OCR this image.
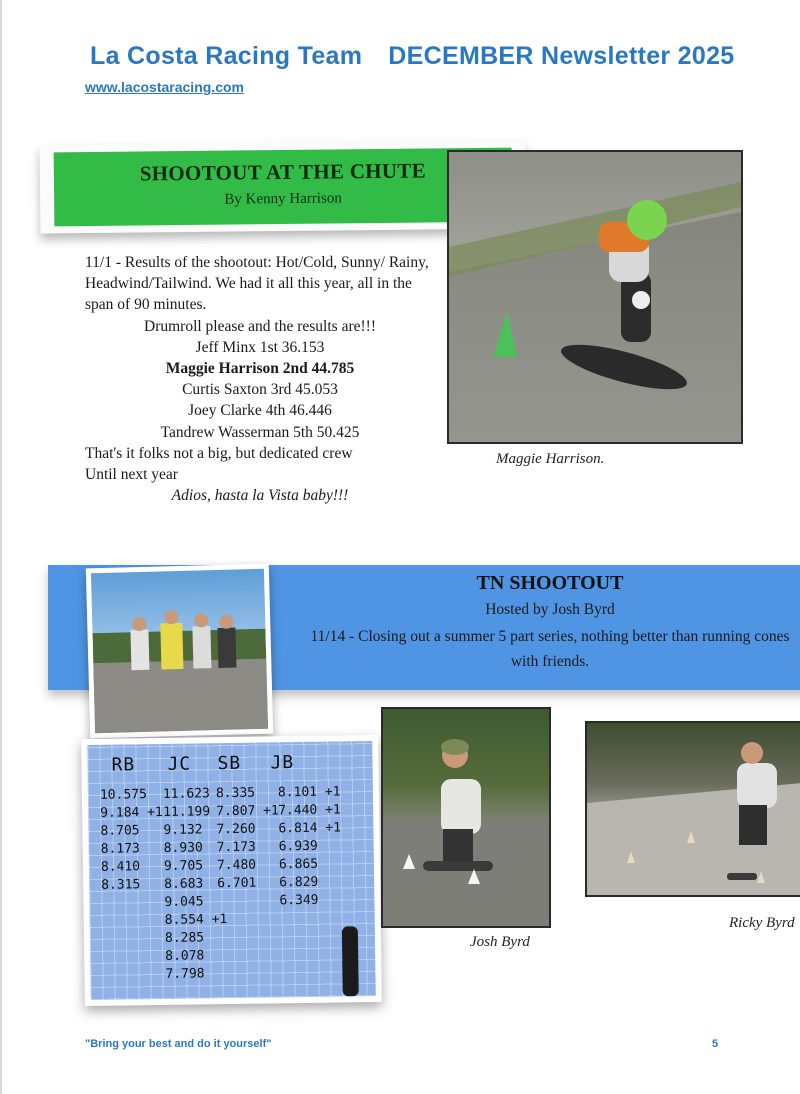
La Costa Racing Team DECEMBER Newsletter 2025
www.lacostaracing.com
SHOOTOUT AT THE CHUTE
By Kenny Harrison

11/1 - Results of the shootout: Hot/Cold, Sunny/ Rainy, Headwind/Tailwind. We had it all this year, all in the span of 90 minutes.

Drumroll please and the results are!!!

Jeff Minx 1st 36.153

Maggie Harrison 2nd 44.785

Curtis Saxton 3rd 45.053

Joey Clarke 4th 46.446

Tandrew Wasserman 5th 50.425

That's it folks not a big, but dedicated crew

Until next year

Adios, hasta la Vista baby!!!

Maggie Harrison.
TN SHOOTOUT
Hosted by Josh Byrd
11/14 - Closing out a summer 5 part series, nothing better than running cones with friends.
RB JC SB JB
10.575
9.184 +1
8.705
8.173
8.410
8.315
11.623
11.199
9.132
8.930
9.705
8.683
9.045
8.554 +1
8.285
8.078
7.798
8.335
7.807 +1
7.260
7.173
7.480
6.701
8.101 +1
7.440 +1
6.814 +1
6.939
6.865
6.829
6.349
Josh Byrd
Ricky Byrd
"Bring your best and do it yourself"	5
